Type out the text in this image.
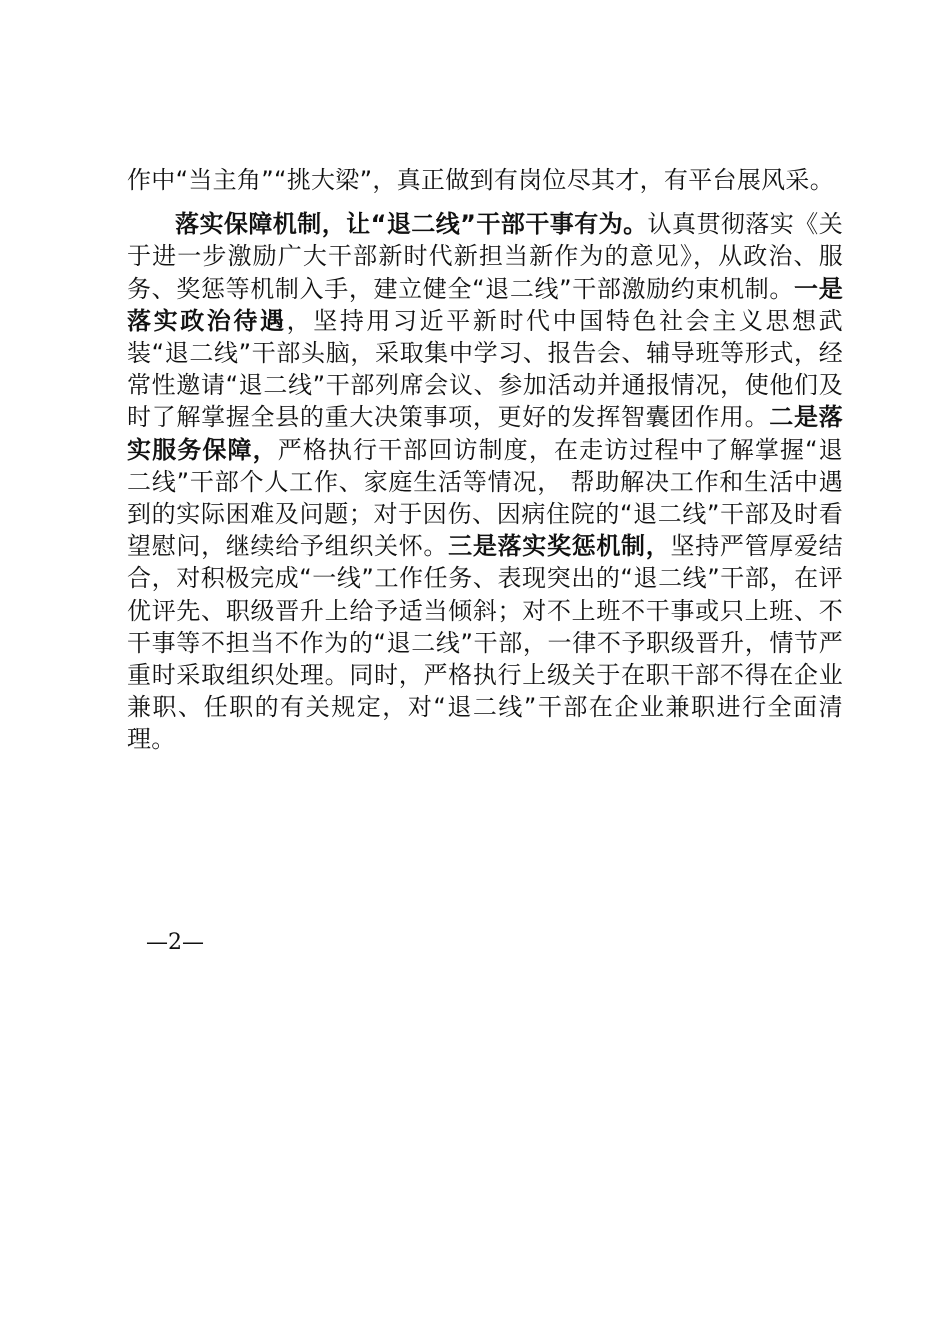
作中“当主角”“挑大梁”，真正做到有岗位尽其才，有平台展风采。

落实保障机制，让“退二线”干部干事有为。认真贯彻落实《关于进一步激励广大干部新时代新担当新作为的意见》，从政治、服务、奖惩等机制入手，建立健全“退二线”干部激励约束机制。一是落实政治待遇，坚持用习近平新时代中国特色社会主义思想武装“退二线”干部头脑，采取集中学习、报告会、辅导班等形式，经常性邀请“退二线”干部列席会议、参加活动并通报情况，使他们及时了解掌握全县的重大决策事项，更好的发挥智囊团作用。二是落实服务保障，严格执行干部回访制度，在走访过程中了解掌握“退二线”干部个人工作、家庭生活等情况， 帮助解决工作和生活中遇到的实际困难及问题；对于因伤、因病住院的“退二线”干部及时看望慰问，继续给予组织关怀。三是落实奖惩机制，坚持严管厚爱结合，对积极完成“一线”工作任务、表现突出的“退二线”干部，在评优评先、职级晋升上给予适当倾斜；对不上班不干事或只上班、不干事等不担当不作为的“退二线”干部，一律不予职级晋升，情节严重时采取组织处理。同时，严格执行上级关于在职干部不得在企业兼职、任职的有关规定，对“退二线”干部在企业兼职进行全面清理。

—2—
